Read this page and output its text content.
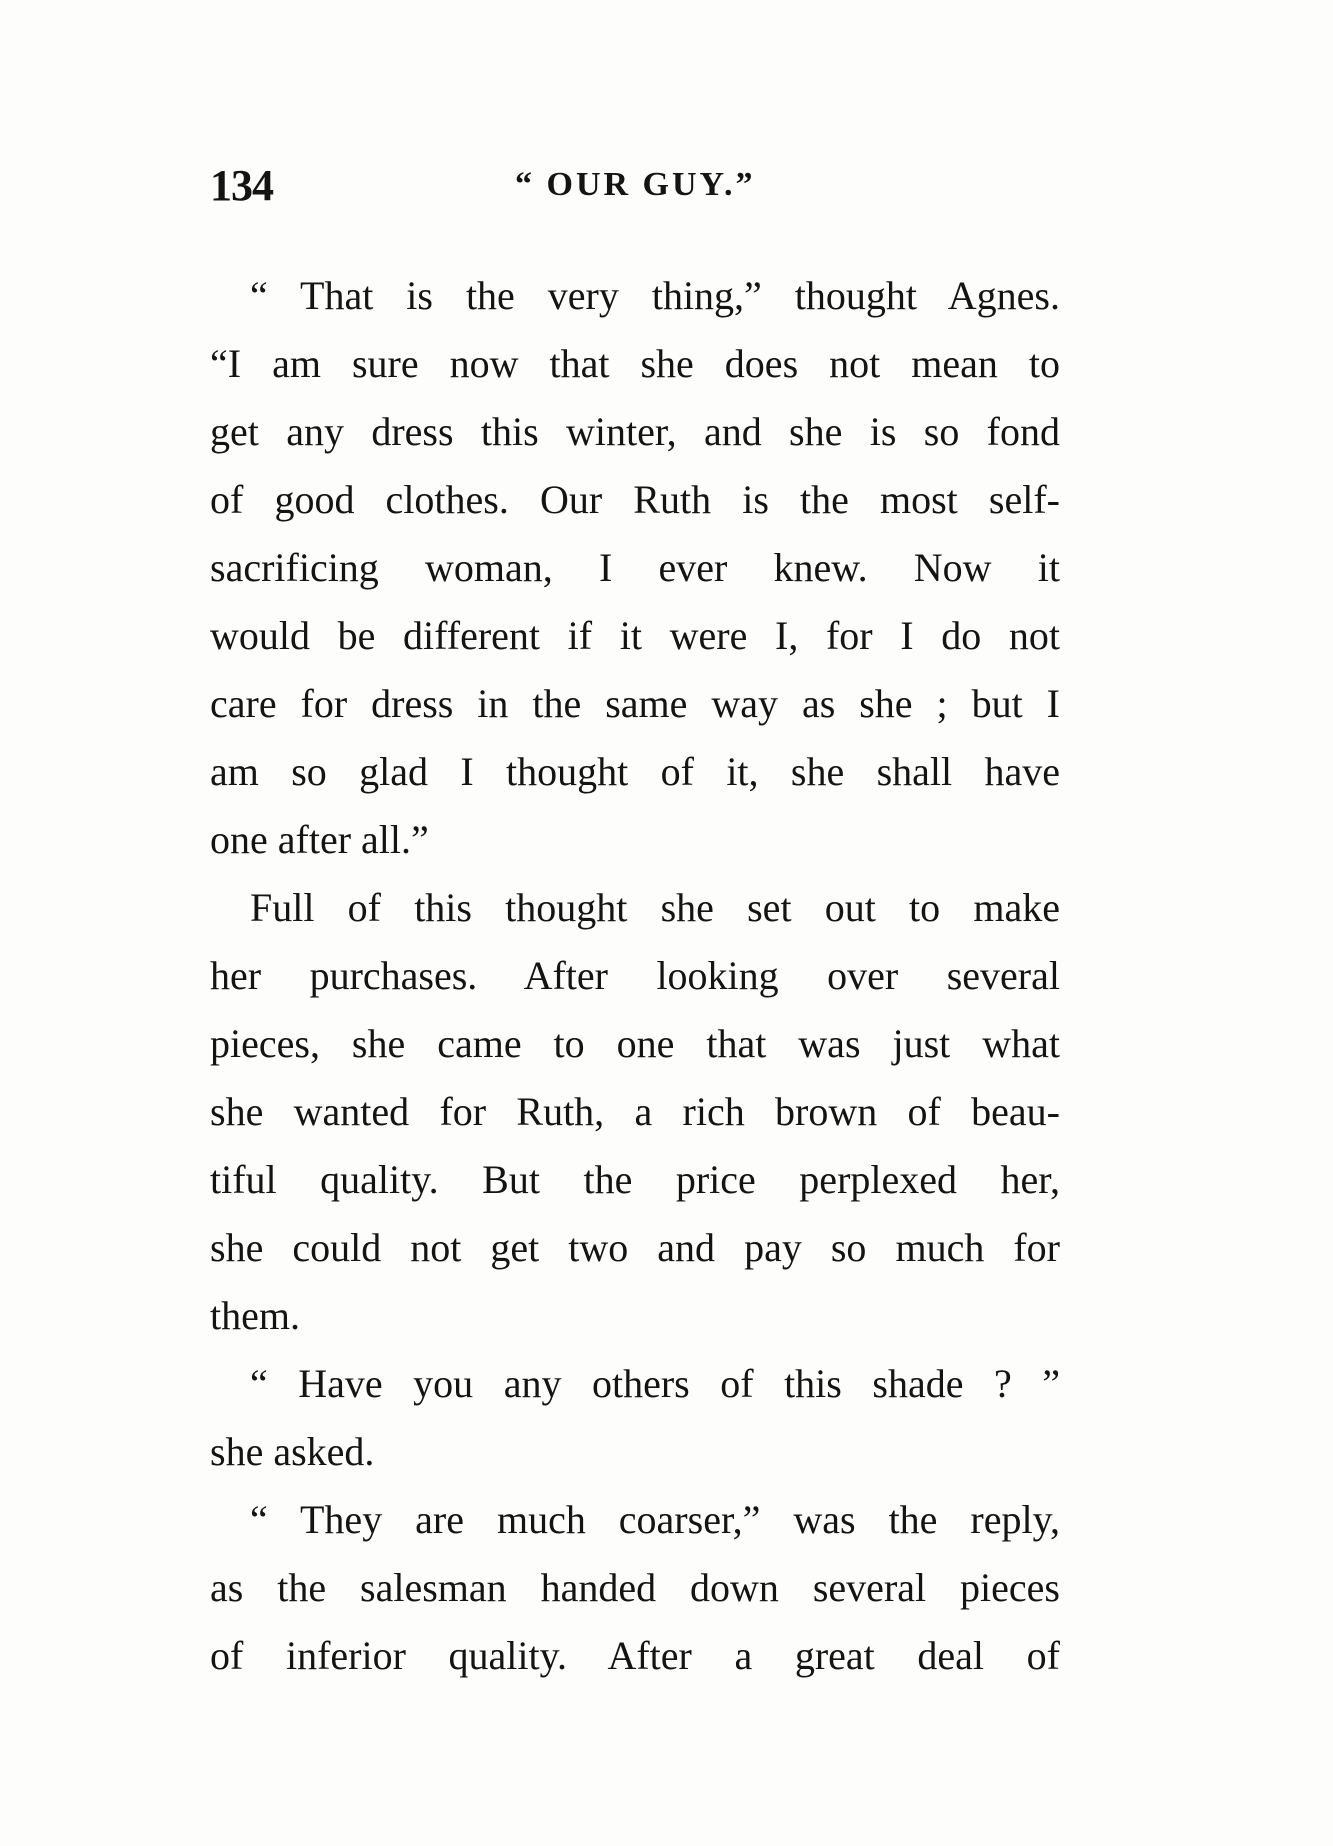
134	“ OUR GUY.”
“ That is the very thing,” thought Agnes.
“I am sure now that she does not mean to
get any dress this winter, and she is so fond
of good clothes. Our Ruth is the most self-
sacrificing woman, I ever knew. Now it
would be different if it were I, for I do not
care for dress in the same way as she ; but I
am so glad I thought of it, she shall have
one after all.”
Full of this thought she set out to make
her purchases. After looking over several
pieces, she came to one that was just what
she wanted for Ruth, a rich brown of beau-
tiful quality. But the price perplexed her,
she could not get two and pay so much for
them.
“ Have you any others of this shade ? ”
she asked.
“ They are much coarser,” was the reply,
as the salesman handed down several pieces
of inferior quality. After a great deal of
